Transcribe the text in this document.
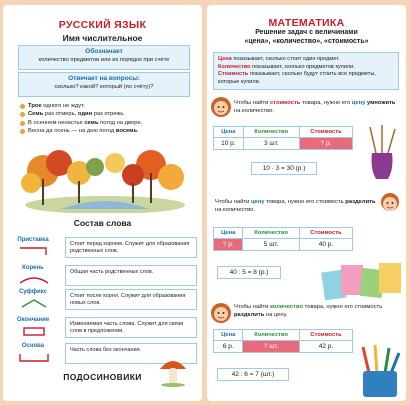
РУССКИЙ ЯЗЫК
Имя числительное
Обозначает
количество предметов или их порядок при счёте
Отвечает на вопросы:
сколько? какой? который (по счёту)?
Трое одного не ждут.
Семь раз отмерь, один раз отрежь.
В осеннем ненастье семь погод на дворе.
Весна да осень — на дню погод восемь.
Состав слова
Приставка
Стоит перед корнем. Служит для образования родственных слов.
Корень
Общая часть родственных слов.
Суффикс
Стоит после корня. Служит для образования новых слов.
Окончание
Изменяемая часть слова. Служит для связи слов в предложении.
Основа
Часть слова без окончания.
ПОДОСИНОВИКИ
МАТЕМАТИКА
Решение задач с величинами
«цена», «количество», «стоимость»
Цена показывает, сколько стоит один предмет.
Количество показывает, сколько предметов купили.
Стоимость показывает, сколько будут стоить все предметы, которые купили.
Чтобы найти стоимость товара, нужно его цену умножить на количество.
Цена	Количество	Стоимость
10 р.	3 шт.	? р.
10 · 3 = 30 (р.)
Чтобы найти цену товара, нужно его стоимость разделить на количество.
Цена	Количество	Стоимость
? р.	5 шт.	40 р.
40 : 5 = 8 (р.)
Чтобы найти количество товара, нужно его стоимость разделить на цену.
Цена	Количество	Стоимость
6 р.	? шт.	42 р.
42 : 6 = 7 (шт.)
